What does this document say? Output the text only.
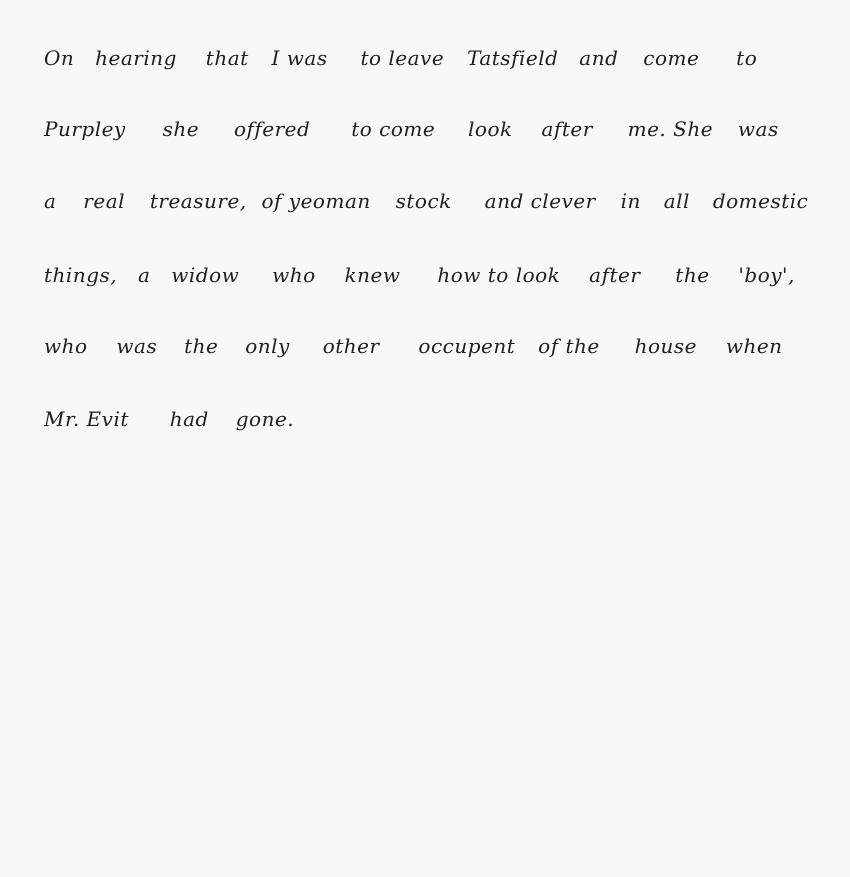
On hearing that I was to leave Tatsfield and come to
Purpley she offered to come look after me. She was
a real treasure, of yeoman stock and clever in all domestic
things, a widow who knew how to look after the 'boy',
who was the only other occupent of the house when
Mr. Evit had gone.
